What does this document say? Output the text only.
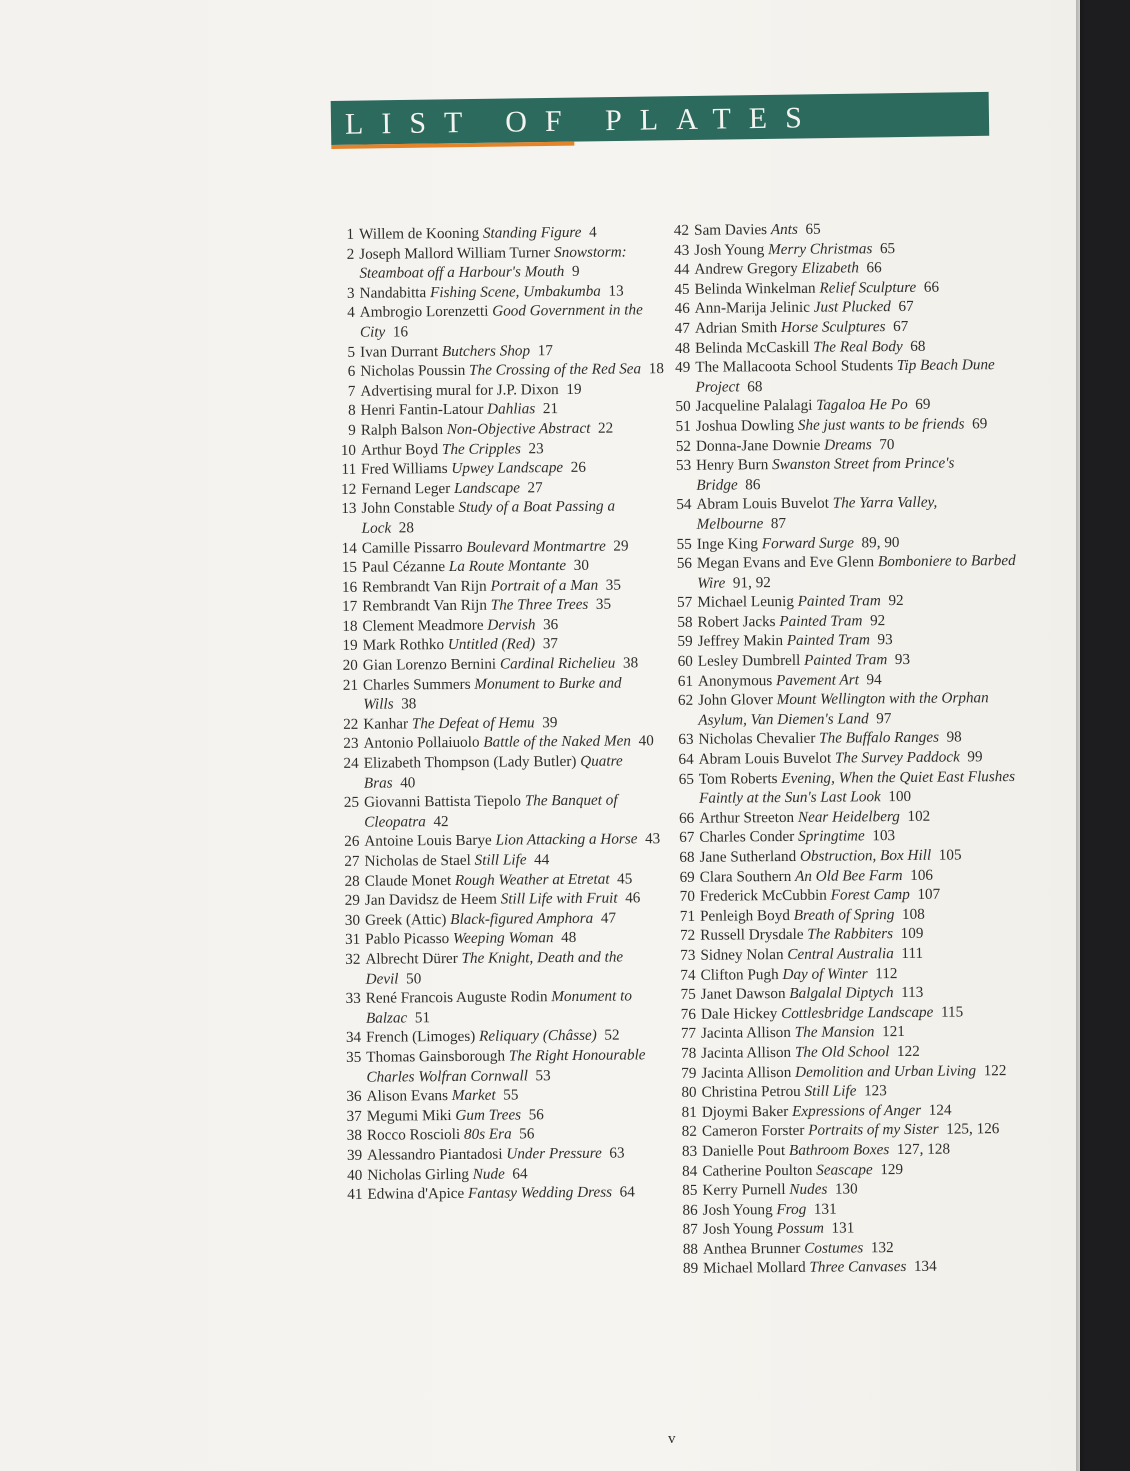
LIST OF PLATES
1 Willem de Kooning Standing Figure 4
2 Joseph Mallord William Turner Snowstorm: Steamboat off a Harbour's Mouth 9
3 Nandabitta Fishing Scene, Umbakumba 13
4 Ambrogio Lorenzetti Good Government in the City 16
5 Ivan Durrant Butchers Shop 17
6 Nicholas Poussin The Crossing of the Red Sea 18
7 Advertising mural for J.P. Dixon 19
8 Henri Fantin-Latour Dahlias 21
9 Ralph Balson Non-Objective Abstract 22
10 Arthur Boyd The Cripples 23
11 Fred Williams Upwey Landscape 26
12 Fernand Leger Landscape 27
13 John Constable Study of a Boat Passing a Lock 28
14 Camille Pissarro Boulevard Montmartre 29
15 Paul Cézanne La Route Montante 30
16 Rembrandt Van Rijn Portrait of a Man 35
17 Rembrandt Van Rijn The Three Trees 35
18 Clement Meadmore Dervish 36
19 Mark Rothko Untitled (Red) 37
20 Gian Lorenzo Bernini Cardinal Richelieu 38
21 Charles Summers Monument to Burke and Wills 38
22 Kanhar The Defeat of Hemu 39
23 Antonio Pollaiuolo Battle of the Naked Men 40
24 Elizabeth Thompson (Lady Butler) Quatre Bras 40
25 Giovanni Battista Tiepolo The Banquet of Cleopatra 42
26 Antoine Louis Barye Lion Attacking a Horse 43
27 Nicholas de Stael Still Life 44
28 Claude Monet Rough Weather at Etretat 45
29 Jan Davidsz de Heem Still Life with Fruit 46
30 Greek (Attic) Black-figured Amphora 47
31 Pablo Picasso Weeping Woman 48
32 Albrecht Dürer The Knight, Death and the Devil 50
33 René Francois Auguste Rodin Monument to Balzac 51
34 French (Limoges) Reliquary (Châsse) 52
35 Thomas Gainsborough The Right Honourable Charles Wolfran Cornwall 53
36 Alison Evans Market 55
37 Megumi Miki Gum Trees 56
38 Rocco Roscioli 80s Era 56
39 Alessandro Piantadosi Under Pressure 63
40 Nicholas Girling Nude 64
41 Edwina d'Apice Fantasy Wedding Dress 64
42 Sam Davies Ants 65
43 Josh Young Merry Christmas 65
44 Andrew Gregory Elizabeth 66
45 Belinda Winkelman Relief Sculpture 66
46 Ann-Marija Jelinic Just Plucked 67
47 Adrian Smith Horse Sculptures 67
48 Belinda McCaskill The Real Body 68
49 The Mallacoota School Students Tip Beach Dune Project 68
50 Jacqueline Palalagi Tagaloa He Po 69
51 Joshua Dowling She just wants to be friends 69
52 Donna-Jane Downie Dreams 70
53 Henry Burn Swanston Street from Prince's Bridge 86
54 Abram Louis Buvelot The Yarra Valley, Melbourne 87
55 Inge King Forward Surge 89, 90
56 Megan Evans and Eve Glenn Bomboniere to Barbed Wire 91, 92
57 Michael Leunig Painted Tram 92
58 Robert Jacks Painted Tram 92
59 Jeffrey Makin Painted Tram 93
60 Lesley Dumbrell Painted Tram 93
61 Anonymous Pavement Art 94
62 John Glover Mount Wellington with the Orphan Asylum, Van Diemen's Land 97
63 Nicholas Chevalier The Buffalo Ranges 98
64 Abram Louis Buvelot The Survey Paddock 99
65 Tom Roberts Evening, When the Quiet East Flushes Faintly at the Sun's Last Look 100
66 Arthur Streeton Near Heidelberg 102
67 Charles Conder Springtime 103
68 Jane Sutherland Obstruction, Box Hill 105
69 Clara Southern An Old Bee Farm 106
70 Frederick McCubbin Forest Camp 107
71 Penleigh Boyd Breath of Spring 108
72 Russell Drysdale The Rabbiters 109
73 Sidney Nolan Central Australia 111
74 Clifton Pugh Day of Winter 112
75 Janet Dawson Balgalal Diptych 113
76 Dale Hickey Cottlesbridge Landscape 115
77 Jacinta Allison The Mansion 121
78 Jacinta Allison The Old School 122
79 Jacinta Allison Demolition and Urban Living 122
80 Christina Petrou Still Life 123
81 Djoymi Baker Expressions of Anger 124
82 Cameron Forster Portraits of my Sister 125, 126
83 Danielle Pout Bathroom Boxes 127, 128
84 Catherine Poulton Seascape 129
85 Kerry Purnell Nudes 130
86 Josh Young Frog 131
87 Josh Young Possum 131
88 Anthea Brunner Costumes 132
89 Michael Mollard Three Canvases 134
v
